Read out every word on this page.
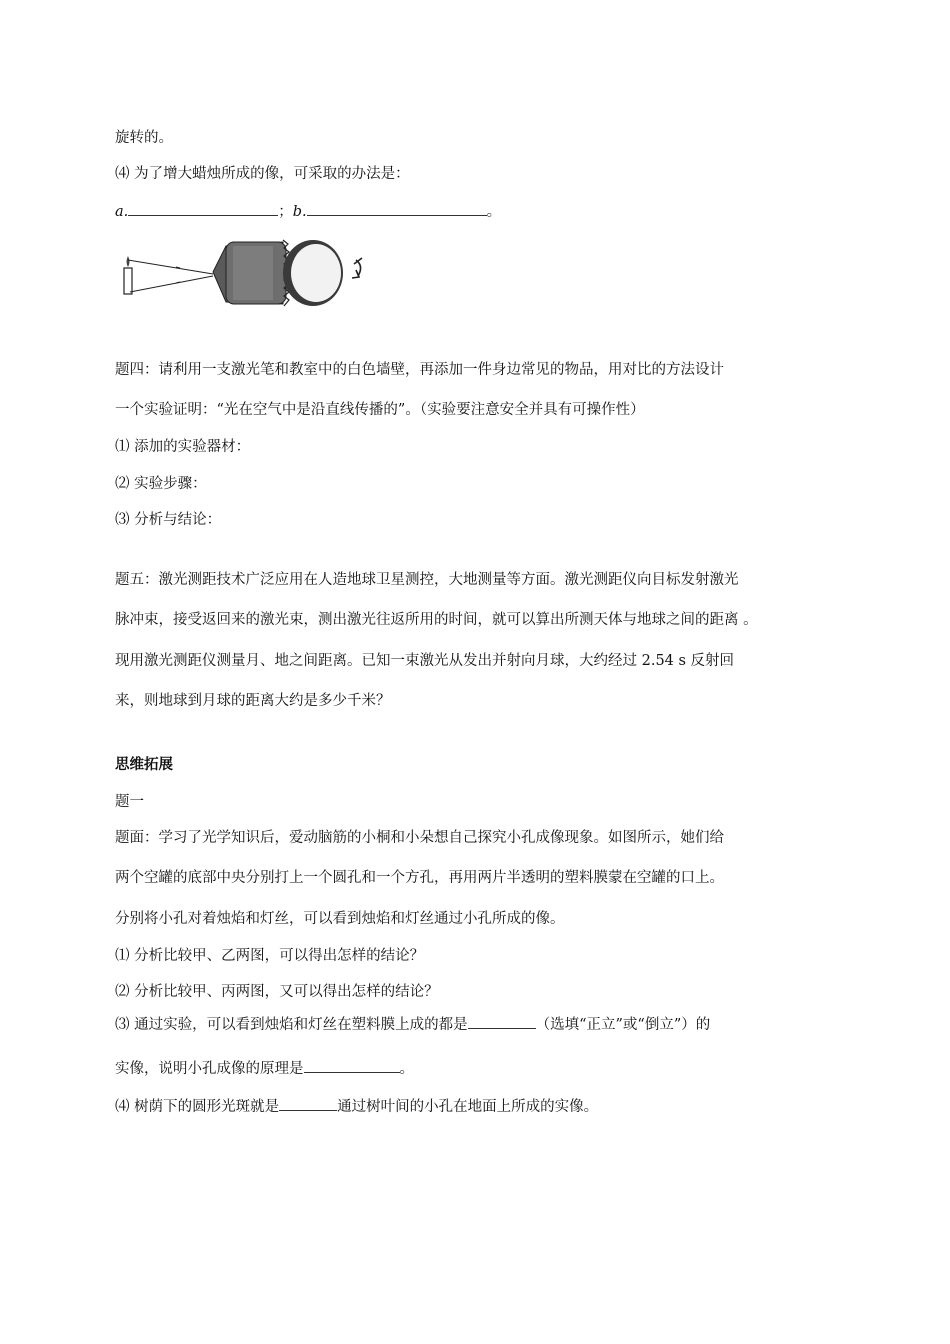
旋转的。
⑷ 为了增大蜡烛所成的像，可采取的办法是：
a.	；b.	。
题四：请利用一支激光笔和教室中的白色墙壁，再添加一件身边常见的物品，用对比的方法设计
一个实验证明：“光在空气中是沿直线传播的”。（实验要注意安全并具有可操作性）
⑴ 添加的实验器材：
⑵ 实验步骤：
⑶ 分析与结论：
题五：激光测距技术广泛应用在人造地球卫星测控，大地测量等方面。激光测距仪向目标发射激光
脉冲束，接受返回来的激光束，测出激光往返所用的时间，就可以算出所测天体与地球之间的距离 。
现用激光测距仪测量月、地之间距离。已知一束激光从发出并射向月球，大约经过 2.54 s 反射回
来，则地球到月球的距离大约是多少千米？
思维拓展
题一
题面：学习了光学知识后，爱动脑筋的小桐和小朵想自己探究小孔成像现象。如图所示，她们给
两个空罐的底部中央分别打上一个圆孔和一个方孔，再用两片半透明的塑料膜蒙在空罐的口上。
分别将小孔对着烛焰和灯丝，可以看到烛焰和灯丝通过小孔所成的像。
⑴ 分析比较甲、乙两图，可以得出怎样的结论？
⑵ 分析比较甲、丙两图，又可以得出怎样的结论？
⑶ 通过实验，可以看到烛焰和灯丝在塑料膜上成的都是	（选填“正立”或“倒立”）的
实像，说明小孔成像的原理是	。
⑷ 树荫下的圆形光斑就是	通过树叶间的小孔在地面上所成的实像。
